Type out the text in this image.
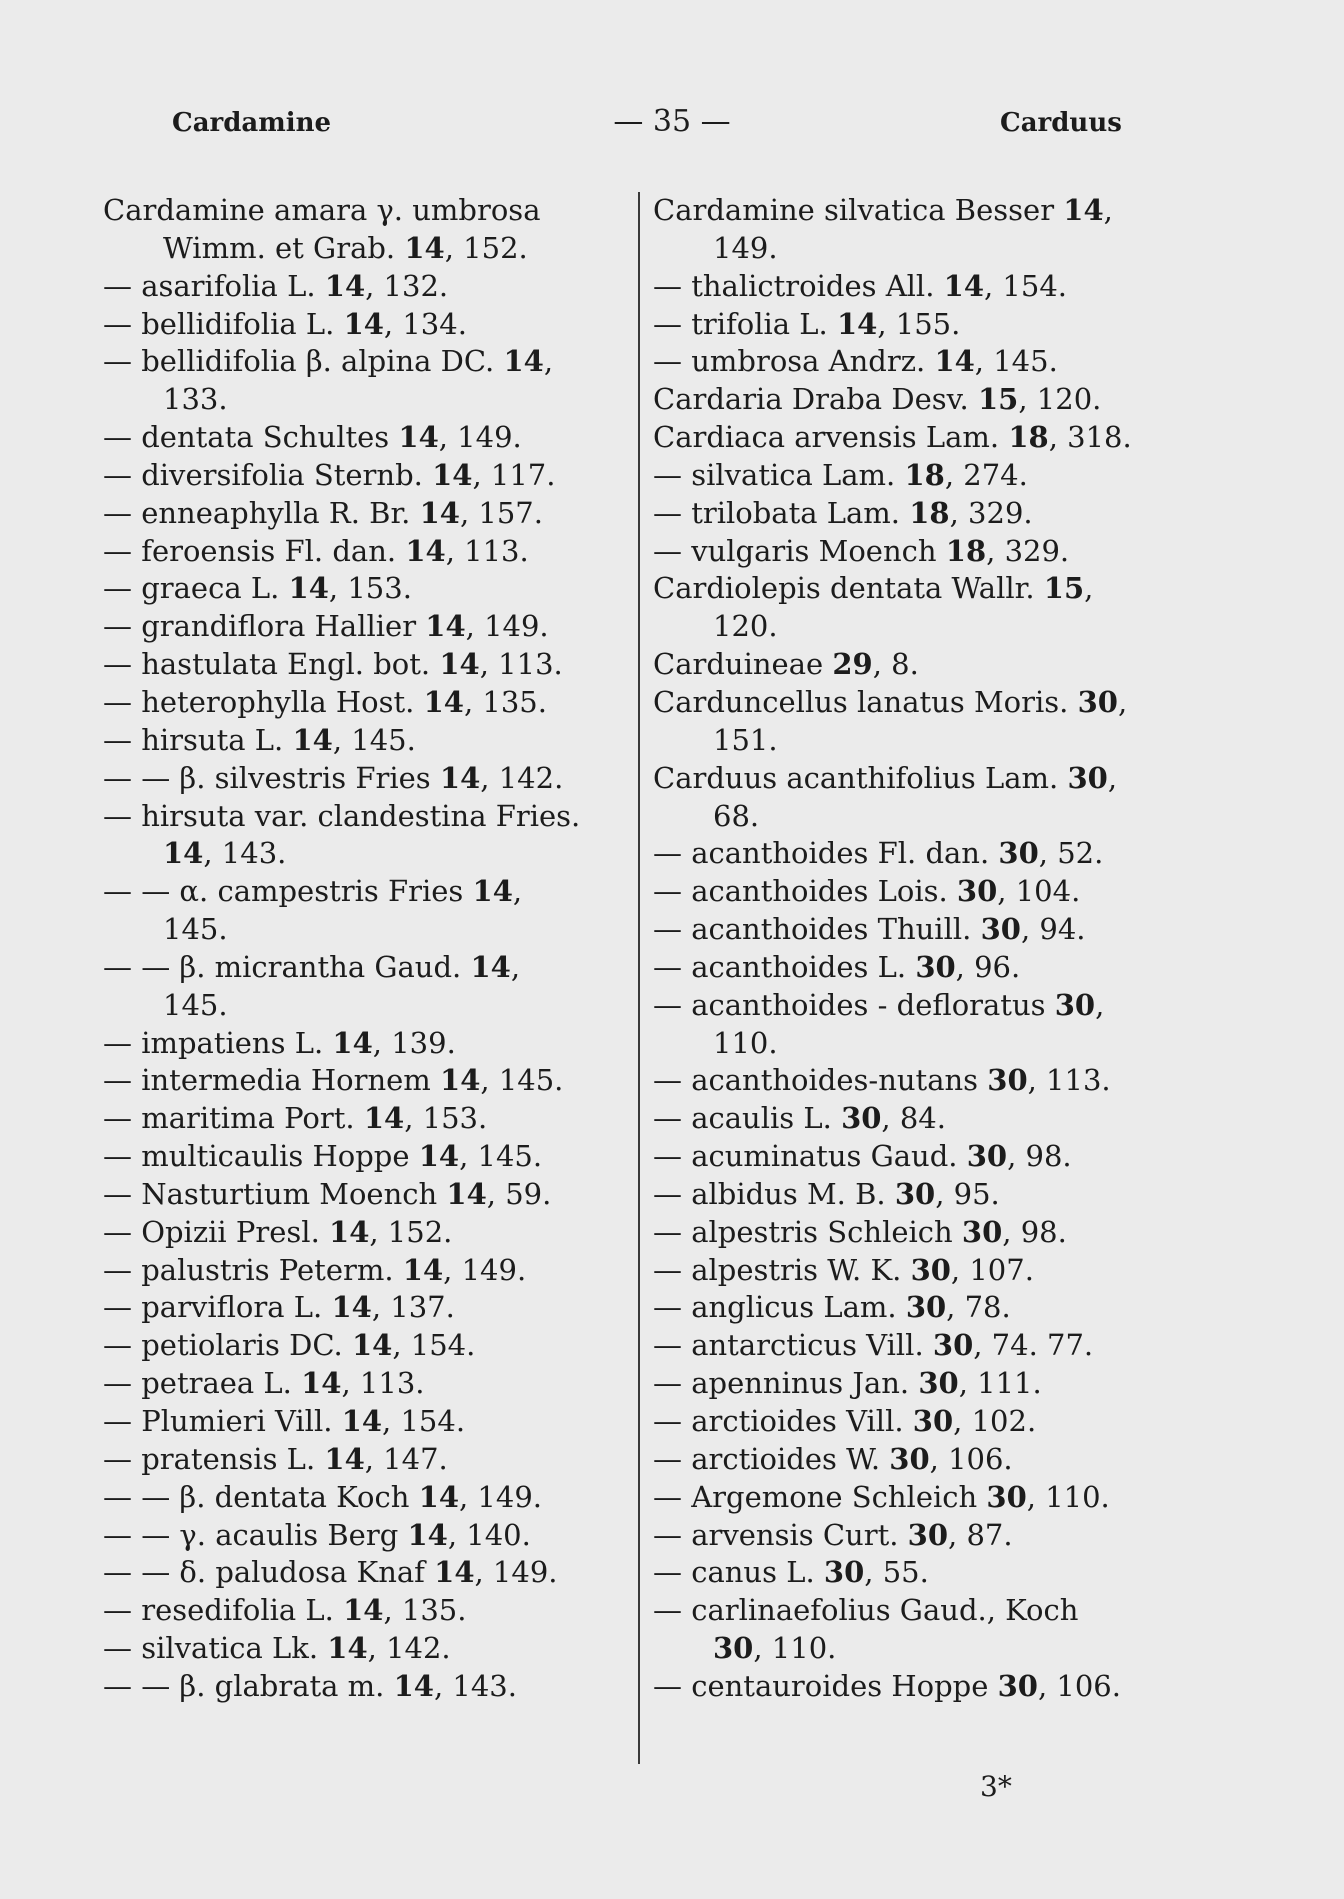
— 35 —
Cardamine	Carduus
Cardamine amara γ. umbrosa
Wimm. et Grab. 14, 152.
— asarifolia L. 14, 132.
— bellidifolia L. 14, 134.
— bellidifolia β. alpina DC. 14,
133.
— dentata Schultes 14, 149.
— diversifolia Sternb. 14, 117.
— enneaphylla R. Br. 14, 157.
— feroensis Fl. dan. 14, 113.
— graeca L. 14, 153.
— grandiflora Hallier 14, 149.
— hastulata Engl. bot. 14, 113.
— heterophylla Host. 14, 135.
— hirsuta L. 14, 145.
— — β. silvestris Fries 14, 142.
— hirsuta var. clandestina Fries.
14, 143.
— — α. campestris Fries 14,
145.
— — β. micrantha Gaud. 14,
145.
— impatiens L. 14, 139.
— intermedia Hornem 14, 145.
— maritima Port. 14, 153.
— multicaulis Hoppe 14, 145.
— Nasturtium Moench 14, 59.
— Opizii Presl. 14, 152.
— palustris Peterm. 14, 149.
— parviflora L. 14, 137.
— petiolaris DC. 14, 154.
— petraea L. 14, 113.
— Plumieri Vill. 14, 154.
— pratensis L. 14, 147.
— — β. dentata Koch 14, 149.
— — γ. acaulis Berg 14, 140.
— — δ. paludosa Knaf 14, 149.
— resedifolia L. 14, 135.
— silvatica Lk. 14, 142.
— — β. glabrata m. 14, 143.
Cardamine silvatica Besser 14,
149.
— thalictroides All. 14, 154.
— trifolia L. 14, 155.
— umbrosa Andrz. 14, 145.
Cardaria Draba Desv. 15, 120.
Cardiaca arvensis Lam. 18, 318.
— silvatica Lam. 18, 274.
— trilobata Lam. 18, 329.
— vulgaris Moench 18, 329.
Cardiolepis dentata Wallr. 15,
120.
Carduineae 29, 8.
Carduncellus lanatus Moris. 30,
151.
Carduus acanthifolius Lam. 30,
68.
— acanthoides Fl. dan. 30, 52.
— acanthoides Lois. 30, 104.
— acanthoides Thuill. 30, 94.
— acanthoides L. 30, 96.
— acanthoides - defloratus 30,
110.
— acanthoides-nutans 30, 113.
— acaulis L. 30, 84.
— acuminatus Gaud. 30, 98.
— albidus M. B. 30, 95.
— alpestris Schleich 30, 98.
— alpestris W. K. 30, 107.
— anglicus Lam. 30, 78.
— antarcticus Vill. 30, 74. 77.
— apenninus Jan. 30, 111.
— arctioides Vill. 30, 102.
— arctioides W. 30, 106.
— Argemone Schleich 30, 110.
— arvensis Curt. 30, 87.
— canus L. 30, 55.
— carlinaefolius Gaud., Koch
30, 110.
— centauroides Hoppe 30, 106.
3*
